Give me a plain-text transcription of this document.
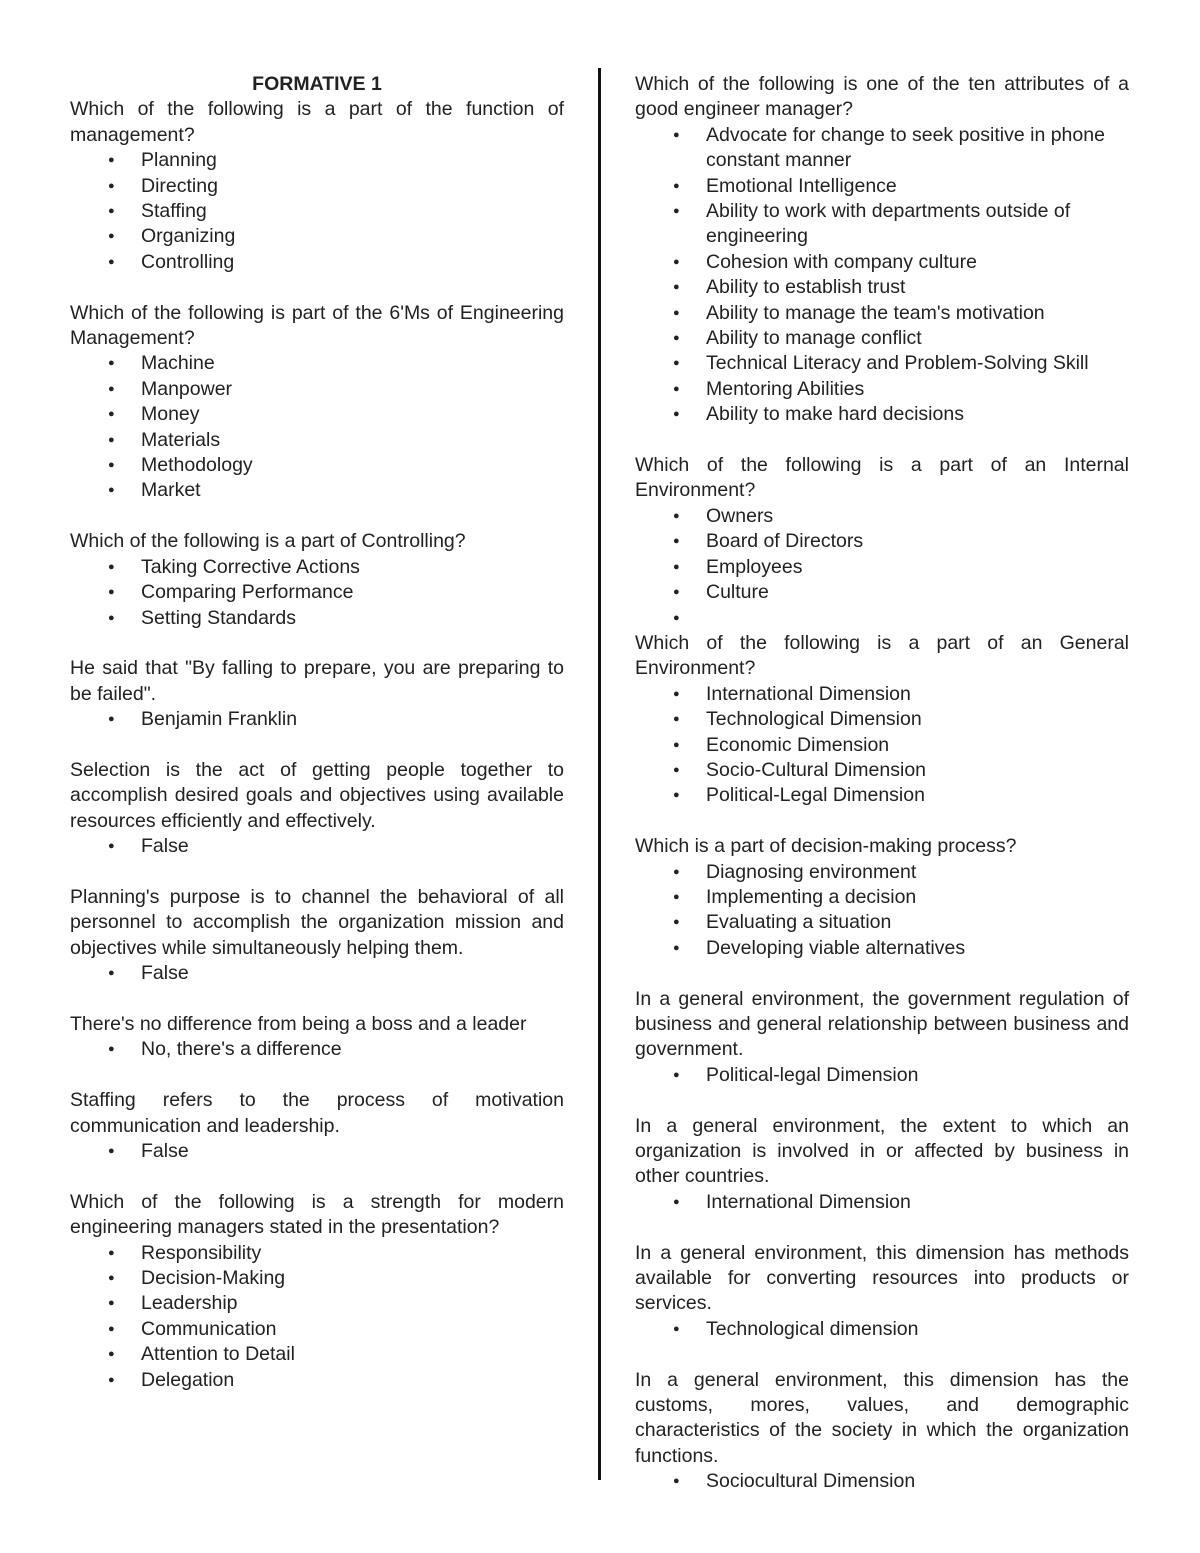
FORMATIVE 1

Which of the following is a part of the function of management?

● Planning
● Directing
● Staffing
● Organizing
● Controlling

Which of the following is part of the 6'Ms of Engineering Management?

● Machine
● Manpower
● Money
● Materials
● Methodology
● Market

Which of the following is a part of Controlling?

● Taking Corrective Actions
● Comparing Performance
● Setting Standards

He said that "By falling to prepare, you are preparing to be failed".

● Benjamin Franklin

Selection is the act of getting people together to accomplish desired goals and objectives using available resources efficiently and effectively.

● False

Planning's purpose is to channel the behavioral of all personnel to accomplish the organization mission and objectives while simultaneously helping them.

● False

There's no difference from being a boss and a leader

● No, there's a difference

Staffing refers to the process of motivation communication and leadership.

● False

Which of the following is a strength for modern engineering managers stated in the presentation?

● Responsibility
● Decision-Making
● Leadership
● Communication
● Attention to Detail
● Delegation

Which of the following is one of the ten attributes of a good engineer manager?

● Advocate for change to seek positive in phone constant manner
● Emotional Intelligence
● Ability to work with departments outside of engineering
● Cohesion with company culture
● Ability to establish trust
● Ability to manage the team's motivation
● Ability to manage conflict
● Technical Literacy and Problem-Solving Skill
● Mentoring Abilities
● Ability to make hard decisions

Which of the following is a part of an Internal Environment?

● Owners
● Board of Directors
● Employees
● Culture
●

Which of the following is a part of an General Environment?

● International Dimension
● Technological Dimension
● Economic Dimension
● Socio-Cultural Dimension
● Political-Legal Dimension

Which is a part of decision-making process?

● Diagnosing environment
● Implementing a decision
● Evaluating a situation
● Developing viable alternatives

In a general environment, the government regulation of business and general relationship between business and government.

● Political-legal Dimension

In a general environment, the extent to which an organization is involved in or affected by business in other countries.

● International Dimension

In a general environment, this dimension has methods available for converting resources into products or services.

● Technological dimension

In a general environment, this dimension has the customs, mores, values, and demographic characteristics of the society in which the organization functions.

● Sociocultural Dimension
